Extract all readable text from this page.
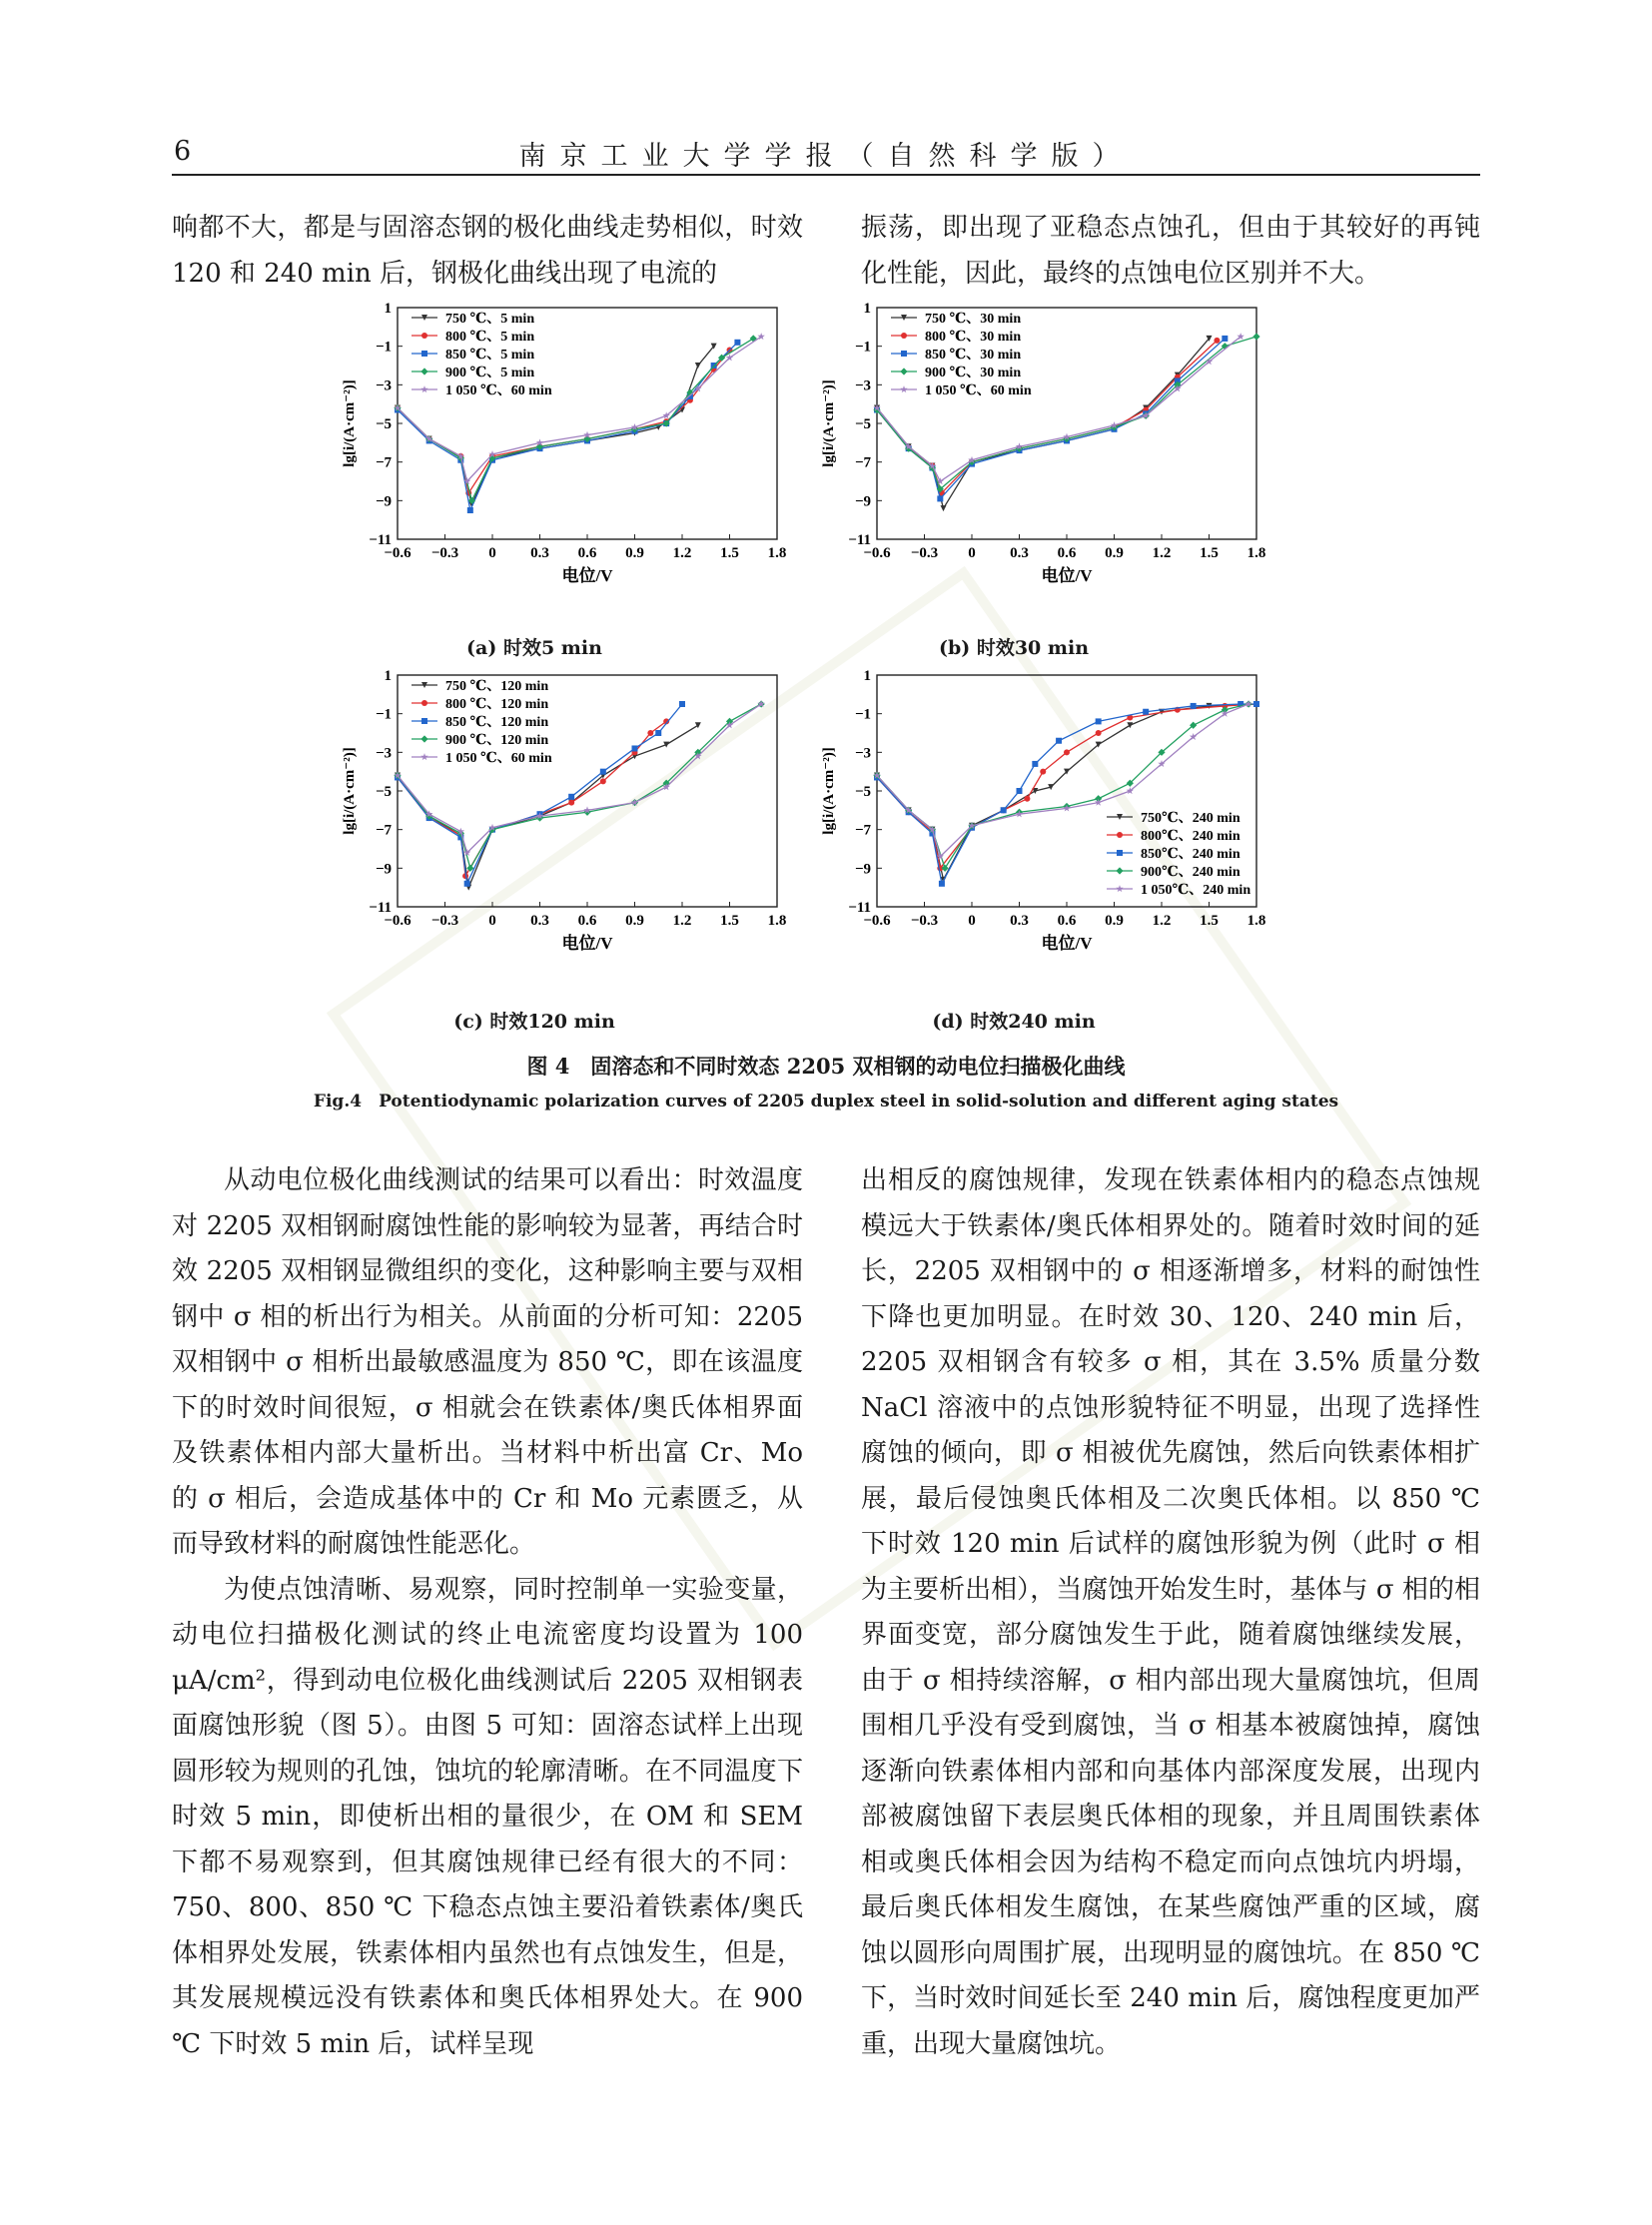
6	南京工业大学学报（自然科学版）

响都不大，都是与固溶态钢的极化曲线走势相似，时效 120 和 240 min 后，钢极化曲线出现了电流的

振荡，即出现了亚稳态点蚀孔，但由于其较好的再钝化性能，因此，最终的点蚀电位区别并不大。

−0.6 −0.3 0 0.3 0.6 0.9 1.2 1.5 1.8
1
−1
−3
−5
−7
−9
−11
电位/V
lg[i/(A·cm⁻²)]
750 ℃、5 min
800 ℃、5 min
850 ℃、5 min
900 ℃、5 min
1 050 ℃、60 min
(a) 时效5 min
−0.6 −0.3 0 0.3 0.6 0.9 1.2 1.5 1.8
1
−1
−3
−5
−7
−9
−11
电位/V
lg[i/(A·cm⁻²)]
750 ℃、30 min
800 ℃、30 min
850 ℃、30 min
900 ℃、30 min
1 050 ℃、60 min
(b) 时效30 min
−0.6 −0.3 0 0.3 0.6 0.9 1.2 1.5 1.8
1
−1
−3
−5
−7
−9
−11
电位/V
lg[i/(A·cm⁻²)]
750 ℃、120 min
800 ℃、120 min
850 ℃、120 min
900 ℃、120 min
1 050 ℃、60 min
(c) 时效120 min
−0.6 −0.3 0 0.3 0.6 0.9 1.2 1.5 1.8
1
−1
−3
−5
−7
−9
−11
电位/V
lg[i/(A·cm⁻²)]	750℃、240 min
800℃、240 min
850℃、240 min
900℃、240 min
1 050℃、240 min
(d) 时效240 min
图 4　固溶态和不同时效态 2205 双相钢的动电位扫描极化曲线
Fig.4　Potentiodynamic polarization curves of 2205 duplex steel in solid-solution and different aging states

从动电位极化曲线测试的结果可以看出：时效温度对 2205 双相钢耐腐蚀性能的影响较为显著，再结合时效 2205 双相钢显微组织的变化，这种影响主要与双相钢中 σ 相的析出行为相关。从前面的分析可知：2205 双相钢中 σ 相析出最敏感温度为 850 ℃，即在该温度下的时效时间很短，σ 相就会在铁素体/奥氏体相界面及铁素体相内部大量析出。当材料中析出富 Cr、Mo 的 σ 相后，会造成基体中的 Cr 和 Mo 元素匮乏，从而导致材料的耐腐蚀性能恶化。

为使点蚀清晰、易观察，同时控制单一实验变量，动电位扫描极化测试的终止电流密度均设置为 100 μA/cm²，得到动电位极化曲线测试后 2205 双相钢表面腐蚀形貌（图 5）。由图 5 可知：固溶态试样上出现圆形较为规则的孔蚀，蚀坑的轮廓清晰。在不同温度下时效 5 min，即使析出相的量很少，在 OM 和 SEM 下都不易观察到，但其腐蚀规律已经有很大的不同：750、800、850 ℃ 下稳态点蚀主要沿着铁素体/奥氏体相界处发展，铁素体相内虽然也有点蚀发生，但是，其发展规模远没有铁素体和奥氏体相界处大。在 900 ℃ 下时效 5 min 后，试样呈现

出相反的腐蚀规律，发现在铁素体相内的稳态点蚀规模远大于铁素体/奥氏体相界处的。随着时效时间的延长，2205 双相钢中的 σ 相逐渐增多，材料的耐蚀性下降也更加明显。在时效 30、120、240 min 后，2205 双相钢含有较多 σ 相，其在 3.5% 质量分数 NaCl 溶液中的点蚀形貌特征不明显，出现了选择性腐蚀的倾向，即 σ 相被优先腐蚀，然后向铁素体相扩展，最后侵蚀奥氏体相及二次奥氏体相。以 850 ℃ 下时效 120 min 后试样的腐蚀形貌为例（此时 σ 相为主要析出相），当腐蚀开始发生时，基体与 σ 相的相界面变宽，部分腐蚀发生于此，随着腐蚀继续发展，由于 σ 相持续溶解，σ 相内部出现大量腐蚀坑，但周围相几乎没有受到腐蚀，当 σ 相基本被腐蚀掉，腐蚀逐渐向铁素体相内部和向基体内部深度发展，出现内部被腐蚀留下表层奥氏体相的现象，并且周围铁素体相或奥氏体相会因为结构不稳定而向点蚀坑内坍塌，最后奥氏体相发生腐蚀，在某些腐蚀严重的区域，腐蚀以圆形向周围扩展，出现明显的腐蚀坑。在 850 ℃ 下，当时效时间延长至 240 min 后，腐蚀程度更加严重，出现大量腐蚀坑。
